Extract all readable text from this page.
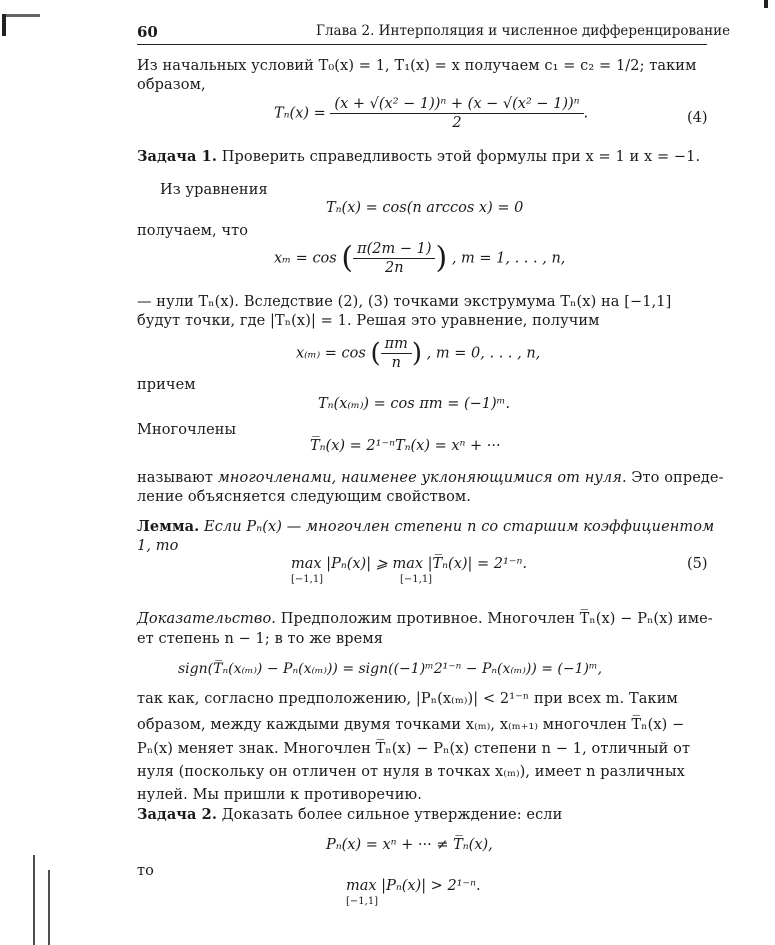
60	Глава 2. Интерполяция и численное дифференцирование
Из начальных условий T₀(x) = 1, T₁(x) = x получаем c₁ = c₂ = 1/2; таким
образом,
$T_n(x) = \frac{\text{(x + √(x² − 1))ⁿ + (x − √(x² − 1))ⁿ}}{2}$ .	(4)
Задача 1. Проверить справедливость этой формулы при x = 1 и x = −1.
Из уравнения
Tₙ(x) = cos(n arccos x) = 0
получаем, что
xₘ = cos ( $\frac{\pi(2m - 1)}{2n}$ ) , m = 1, . . . , n,
— нули Tₙ(x). Вследствие (2), (3) точками экструмума Tₙ(x) на [−1,1]
будут точки, где |Tₙ(x)| = 1. Решая это уравнение, получим
x₍ₘ₎ = cos ( $\frac{\pi m}{n}$ ) , m = 0, . . . , n,
причем
Tₙ(x₍ₘ₎) = cos πm = (−1)ᵐ.
Многочлены
T̅ₙ(x) = 2¹⁻ⁿTₙ(x) = xⁿ + ···
называют многочленами, наименее уклоняющимися от нуля. Это опреде-
ление объясняется следующим свойством.
Лемма. Если Pₙ(x) — многочлен степени n со старшим коэффициентом
1, то
max |Pₙ(x)| ⩾ max |T̅ₙ(x)| = 2¹⁻ⁿ.
[−1,1]	[−1,1]
(5)
Доказательство. Предположим противное. Многочлен T̅ₙ(x) − Pₙ(x) име-
ет степень n − 1; в то же время
sign(T̅ₙ(x₍ₘ₎) − Pₙ(x₍ₘ₎)) = sign((−1)ᵐ2¹⁻ⁿ − Pₙ(x₍ₘ₎)) = (−1)ᵐ,
так как, согласно предположению, |Pₙ(x₍ₘ₎)| < 2¹⁻ⁿ при всех m. Таким
образом, между каждыми двумя точками x₍ₘ₎, x₍ₘ₊₁₎ многочлен T̅ₙ(x) −
Pₙ(x) меняет знак. Многочлен T̅ₙ(x) − Pₙ(x) степени n − 1, отличный от
нуля (поскольку он отличен от нуля в точках x₍ₘ₎), имеет n различных
нулей. Мы пришли к противоречию.
Задача 2. Доказать более сильное утверждение: если
Pₙ(x) = xⁿ + ··· ≠ T̅ₙ(x),
то
max |Pₙ(x)| > 2¹⁻ⁿ.
[−1,1]
